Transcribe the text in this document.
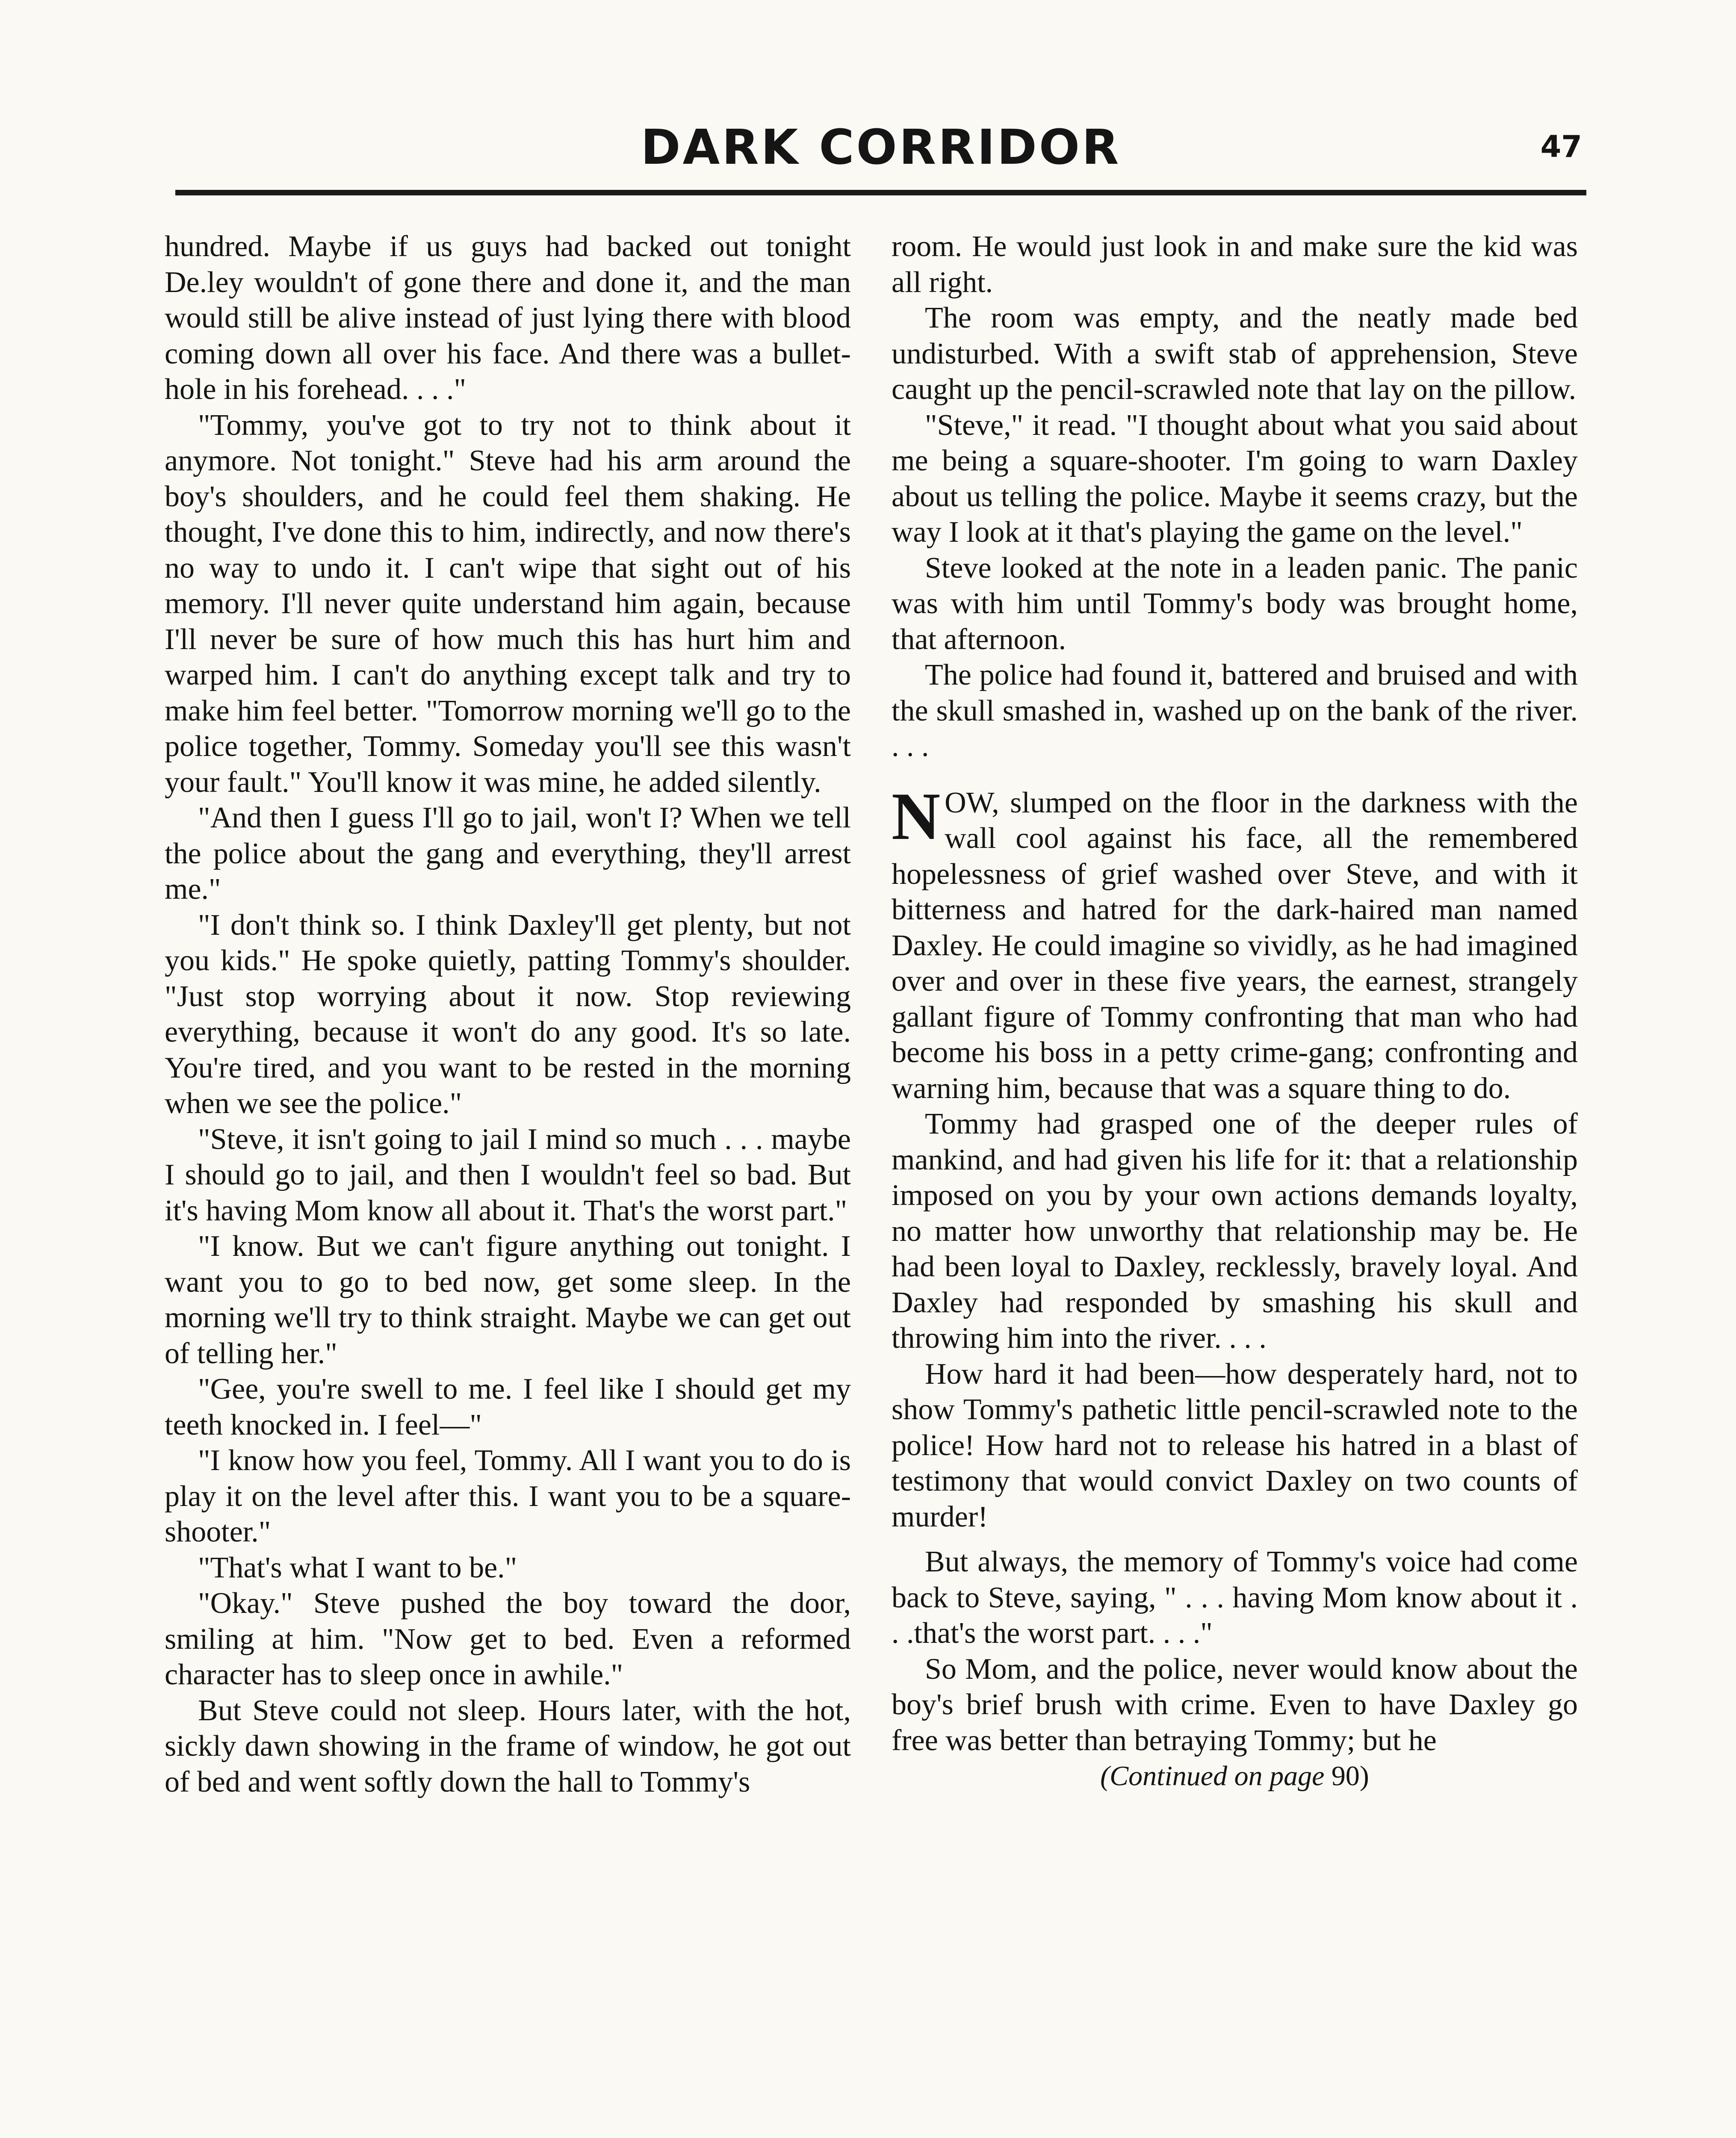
DARK CORRIDOR	47

hundred. Maybe if us guys had backed out tonight De.ley wouldn't of gone there and done it, and the man would still be alive instead of just lying there with blood coming down all over his face. And there was a bullet-hole in his forehead. . . ."

"Tommy, you've got to try not to think about it anymore. Not tonight." Steve had his arm around the boy's shoulders, and he could feel them shaking. He thought, I've done this to him, indirectly, and now there's no way to undo it. I can't wipe that sight out of his memory. I'll never quite understand him again, because I'll never be sure of how much this has hurt him and warped him. I can't do anything except talk and try to make him feel better. "Tomorrow morning we'll go to the police together, Tommy. Someday you'll see this wasn't your fault." You'll know it was mine, he added silently.

"And then I guess I'll go to jail, won't I? When we tell the police about the gang and everything, they'll arrest me."

"I don't think so. I think Daxley'll get plenty, but not you kids." He spoke quietly, patting Tommy's shoulder. "Just stop worrying about it now. Stop reviewing everything, because it won't do any good. It's so late. You're tired, and you want to be rested in the morning when we see the police."

"Steve, it isn't going to jail I mind so much . . . maybe I should go to jail, and then I wouldn't feel so bad. But it's having Mom know all about it. That's the worst part."

"I know. But we can't figure anything out tonight. I want you to go to bed now, get some sleep. In the morning we'll try to think straight. Maybe we can get out of telling her."

"Gee, you're swell to me. I feel like I should get my teeth knocked in. I feel—"

"I know how you feel, Tommy. All I want you to do is play it on the level after this. I want you to be a square-shooter."

"That's what I want to be."

"Okay." Steve pushed the boy toward the door, smiling at him. "Now get to bed. Even a reformed character has to sleep once in awhile."

But Steve could not sleep. Hours later, with the hot, sickly dawn showing in the frame of window, he got out of bed and went softly down the hall to Tommy's

room. He would just look in and make sure the kid was all right.

The room was empty, and the neatly made bed undisturbed. With a swift stab of apprehension, Steve caught up the pencil-scrawled note that lay on the pillow.

"Steve," it read. "I thought about what you said about me being a square-shooter. I'm going to warn Daxley about us telling the police. Maybe it seems crazy, but the way I look at it that's playing the game on the level."

Steve looked at the note in a leaden panic. The panic was with him until Tommy's body was brought home, that afternoon.

The police had found it, battered and bruised and with the skull smashed in, washed up on the bank of the river. . . .

NOW, slumped on the floor in the darkness with the wall cool against his face, all the remembered hopelessness of grief washed over Steve, and with it bitterness and hatred for the dark-haired man named Daxley. He could imagine so vividly, as he had imagined over and over in these five years, the earnest, strangely gallant figure of Tommy confronting that man who had become his boss in a petty crime-gang; confronting and warning him, because that was a square thing to do.

Tommy had grasped one of the deeper rules of mankind, and had given his life for it: that a relationship imposed on you by your own actions demands loyalty, no matter how unworthy that relationship may be. He had been loyal to Daxley, recklessly, bravely loyal. And Daxley had responded by smashing his skull and throwing him into the river. . . .

How hard it had been—how desperately hard, not to show Tommy's pathetic little pencil-scrawled note to the police! How hard not to release his hatred in a blast of testimony that would convict Daxley on two counts of murder!

But always, the memory of Tommy's voice had come back to Steve, saying, " . . . having Mom know about it . . .that's the worst part. . . ."

So Mom, and the police, never would know about the boy's brief brush with crime. Even to have Daxley go free was better than betraying Tommy; but he

(Continued on page 90)
